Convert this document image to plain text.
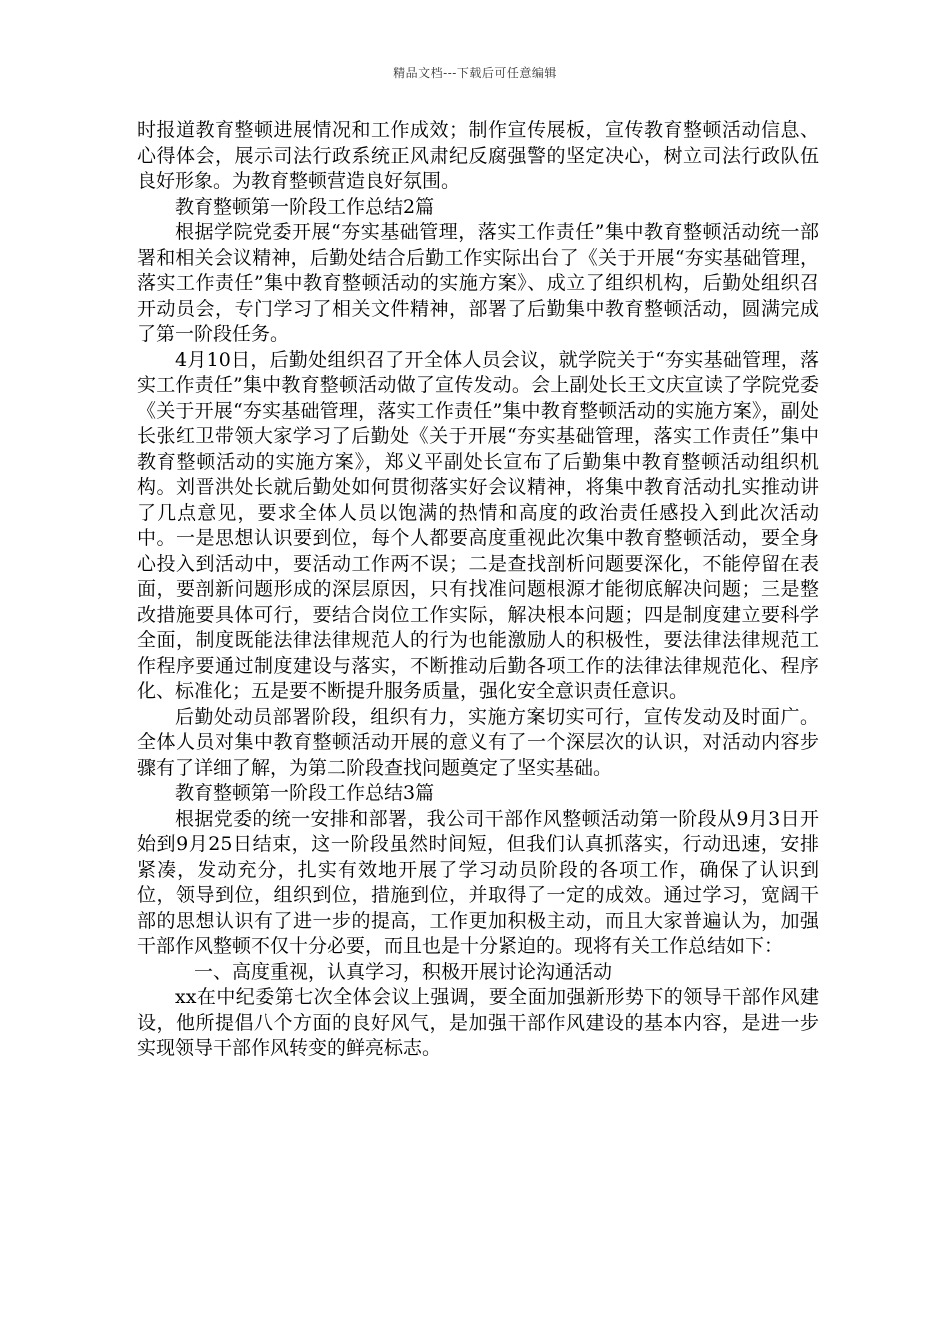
精品文档---下载后可任意编辑

时报道教育整顿进展情况和工作成效；制作宣传展板，宣传教育整顿活动信息、心得体会，展示司法行政系统正风肃纪反腐强警的坚定决心，树立司法行政队伍良好形象。为教育整顿营造良好氛围。

教育整顿第一阶段工作总结2篇

根据学院党委开展“夯实基础管理，落实工作责任”集中教育整顿活动统一部署和相关会议精神，后勤处结合后勤工作实际出台了《关于开展“夯实基础管理，落实工作责任”集中教育整顿活动的实施方案》、成立了组织机构，后勤处组织召开动员会，专门学习了相关文件精神，部署了后勤集中教育整顿活动，圆满完成了第一阶段任务。

4月10日，后勤处组织召了开全体人员会议，就学院关于“夯实基础管理，落实工作责任”集中教育整顿活动做了宣传发动。会上副处长王文庆宣读了学院党委《关于开展“夯实基础管理，落实工作责任”集中教育整顿活动的实施方案》，副处长张红卫带领大家学习了后勤处《关于开展“夯实基础管理，落实工作责任”集中教育整顿活动的实施方案》，郑义平副处长宣布了后勤集中教育整顿活动组织机构。刘晋洪处长就后勤处如何贯彻落实好会议精神，将集中教育活动扎实推动讲了几点意见，要求全体人员以饱满的热情和高度的政治责任感投入到此次活动中。一是思想认识要到位，每个人都要高度重视此次集中教育整顿活动，要全身心投入到活动中，要活动工作两不误；二是查找剖析问题要深化，不能停留在表面，要剖新问题形成的深层原因，只有找准问题根源才能彻底解决问题；三是整改措施要具体可行，要结合岗位工作实际，解决根本问题；四是制度建立要科学全面，制度既能法律法律规范人的行为也能激励人的积极性，要法律法律规范工作程序要通过制度建设与落实，不断推动后勤各项工作的法律法律规范化、程序化、标准化；五是要不断提升服务质量，强化安全意识责任意识。

后勤处动员部署阶段，组织有力，实施方案切实可行，宣传发动及时面广。全体人员对集中教育整顿活动开展的意义有了一个深层次的认识，对活动内容步骤有了详细了解，为第二阶段查找问题奠定了坚实基础。

教育整顿第一阶段工作总结3篇

根据党委的统一安排和部署，我公司干部作风整顿活动第一阶段从9月3日开始到9月25日结束，这一阶段虽然时间短，但我们认真抓落实，行动迅速，安排紧凑，发动充分，扎实有效地开展了学习动员阶段的各项工作，确保了认识到位，领导到位，组织到位，措施到位，并取得了一定的成效。通过学习，宽阔干部的思想认识有了进一步的提高，工作更加积极主动，而且大家普遍认为，加强干部作风整顿不仅十分必要，而且也是十分紧迫的。现将有关工作总结如下：

一、高度重视，认真学习，积极开展讨论沟通活动

xx在中纪委第七次全体会议上强调，要全面加强新形势下的领导干部作风建设，他所提倡八个方面的良好风气，是加强干部作风建设的基本内容，是进一步实现领导干部作风转变的鲜亮标志。
